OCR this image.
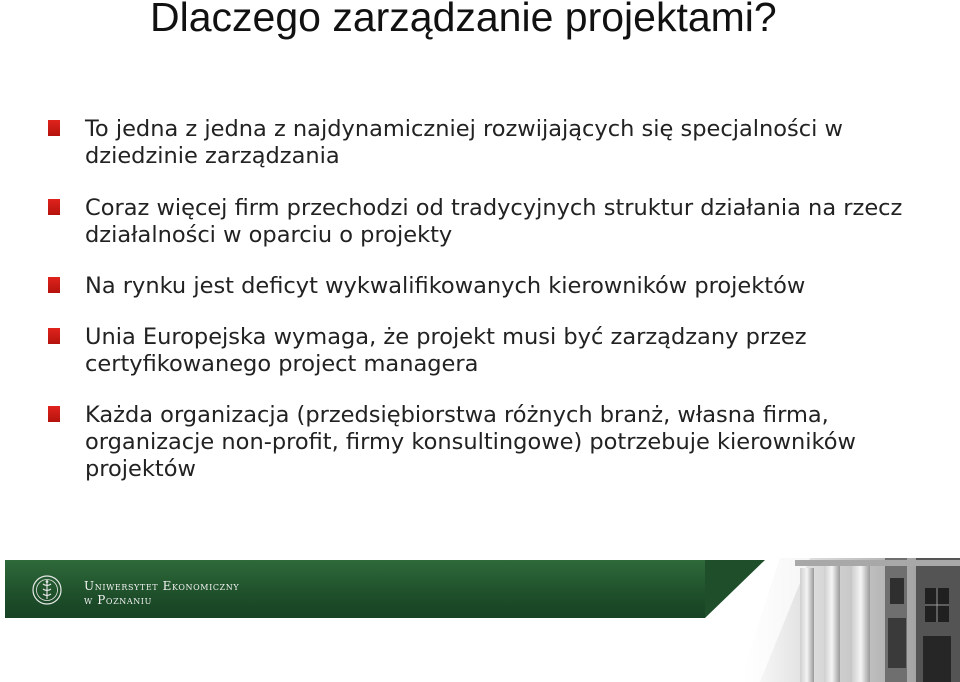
Dlaczego zarządzanie projektami?
To jedna z jedna z najdynamiczniej rozwijających się specjalności w dziedzinie zarządzania
Coraz więcej firm przechodzi od tradycyjnych struktur działania na rzecz działalności w oparciu o projekty
Na rynku jest deficyt wykwalifikowanych kierowników projektów
Unia Europejska wymaga, że projekt musi być zarządzany przez certyfikowanego project managera
Każda organizacja (przedsiębiorstwa różnych branż, własna firma, organizacje non-profit, firmy konsultingowe) potrzebuje kierowników projektów
Uniwersytet Ekonomiczny
w Poznaniu
